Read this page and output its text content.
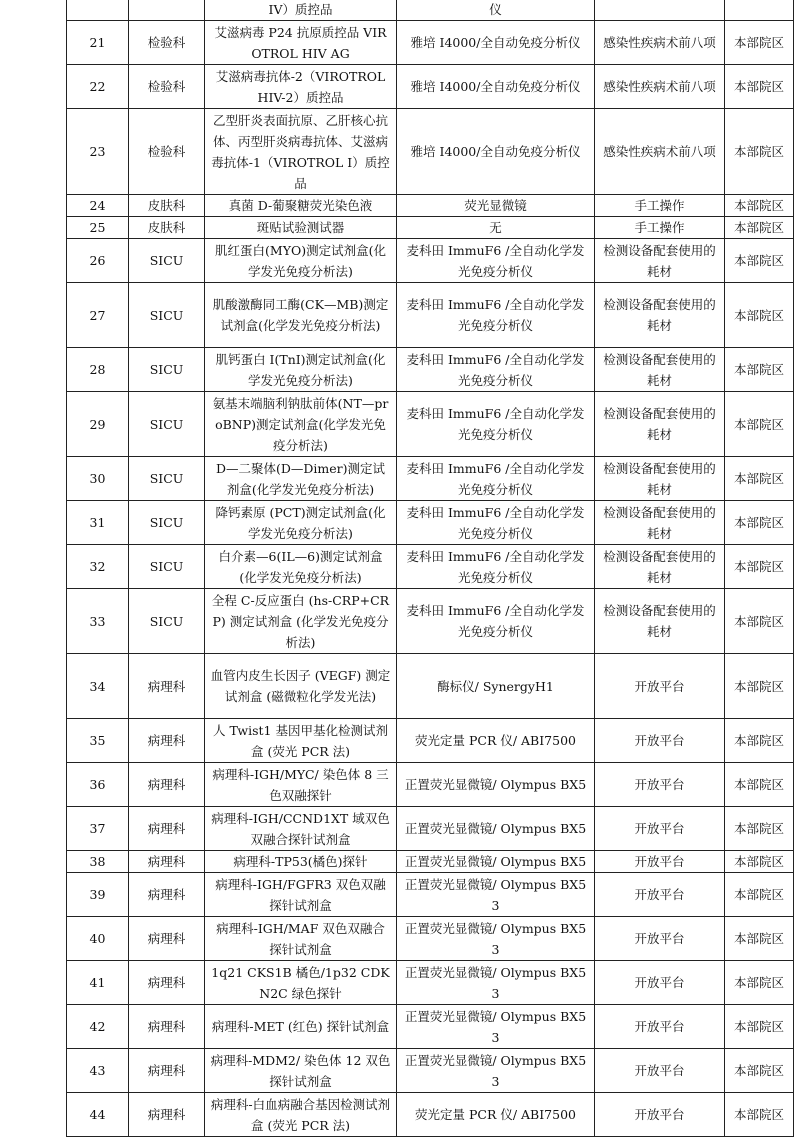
		IV）质控品	仪		
21	检验科	艾滋病毒 P24 抗原质控品 VIROTROL HIV AG	雅培 I4000/全自动免疫分析仪	感染性疾病术前八项	本部院区
22	检验科	艾滋病毒抗体-2（VIROTROL HIV-2）质控品	雅培 I4000/全自动免疫分析仪	感染性疾病术前八项	本部院区
23	检验科	乙型肝炎表面抗原、乙肝核心抗体、丙型肝炎病毒抗体、艾滋病毒抗体-1（VIROTROL I）质控品	雅培 I4000/全自动免疫分析仪	感染性疾病术前八项	本部院区
24	皮肤科	真菌 D-葡聚糖荧光染色液	荧光显微镜	手工操作	本部院区
25	皮肤科	斑贴试验测试器	无	手工操作	本部院区
26	SICU	肌红蛋白(MYO)测定试剂盒(化学发光免疫分析法)	麦科田 ImmuF6 /全自动化学发光免疫分析仪	检测设备配套使用的耗材	本部院区
27	SICU	肌酸激酶同工酶(CK—MB)测定试剂盒(化学发光免疫分析法)	麦科田 ImmuF6 /全自动化学发光免疫分析仪	检测设备配套使用的耗材	本部院区
28	SICU	肌钙蛋白 I(TnI)测定试剂盒(化学发光免疫分析法)	麦科田 ImmuF6 /全自动化学发光免疫分析仪	检测设备配套使用的耗材	本部院区
29	SICU	氨基末端脑利钠肽前体(NT—proBNP)测定试剂盒(化学发光免疫分析法)	麦科田 ImmuF6 /全自动化学发光免疫分析仪	检测设备配套使用的耗材	本部院区
30	SICU	D—二聚体(D—Dimer)测定试剂盒(化学发光免疫分析法)	麦科田 ImmuF6 /全自动化学发光免疫分析仪	检测设备配套使用的耗材	本部院区
31	SICU	降钙素原 (PCT)测定试剂盒(化学发光免疫分析法)	麦科田 ImmuF6 /全自动化学发光免疫分析仪	检测设备配套使用的耗材	本部院区
32	SICU	白介素—6(IL—6)测定试剂盒(化学发光免疫分析法)	麦科田 ImmuF6 /全自动化学发光免疫分析仪	检测设备配套使用的耗材	本部院区
33	SICU	全程 C-反应蛋白 (hs-CRP+CRP) 测定试剂盒 (化学发光免疫分析法)	麦科田 ImmuF6 /全自动化学发光免疫分析仪	检测设备配套使用的耗材	本部院区
34	病理科	血管内皮生长因子 (VEGF) 测定试剂盒 (磁微粒化学发光法)	酶标仪/ SynergyH1	开放平台	本部院区
35	病理科	人 Twist1 基因甲基化检测试剂盒 (荧光 PCR 法)	荧光定量 PCR 仪/ ABI7500	开放平台	本部院区
36	病理科	病理科-IGH/MYC/ 染色体 8 三色双融探针	正置荧光显微镜/ Olympus BX5	开放平台	本部院区
37	病理科	病理科-IGH/CCND1XT 域双色双融合探针试剂盒	正置荧光显微镜/ Olympus BX5	开放平台	本部院区
38	病理科	病理科-TP53(橘色)探针	正置荧光显微镜/ Olympus BX5	开放平台	本部院区
39	病理科	病理科-IGH/FGFR3 双色双融探针试剂盒	正置荧光显微镜/ Olympus BX53	开放平台	本部院区
40	病理科	病理科-IGH/MAF 双色双融合探针试剂盒	正置荧光显微镜/ Olympus BX53	开放平台	本部院区
41	病理科	1q21 CKS1B 橘色/1p32 CDKN2C 绿色探针	正置荧光显微镜/ Olympus BX53	开放平台	本部院区
42	病理科	病理科-MET (红色) 探针试剂盒	正置荧光显微镜/ Olympus BX53	开放平台	本部院区
43	病理科	病理科-MDM2/ 染色体 12 双色探针试剂盒	正置荧光显微镜/ Olympus BX53	开放平台	本部院区
44	病理科	病理科-白血病融合基因检测试剂盒 (荧光 PCR 法)	荧光定量 PCR 仪/ ABI7500	开放平台	本部院区
